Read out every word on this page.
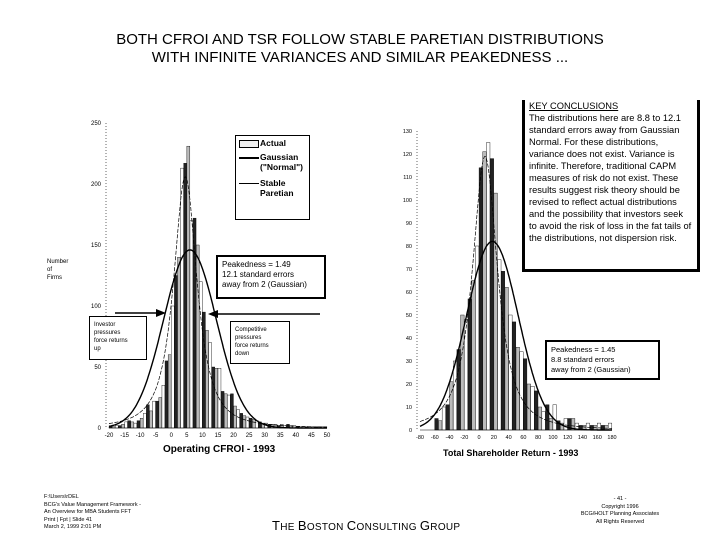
BOTH CFROI AND TSR FOLLOW STABLE PARETIAN DISTRIBUTIONS
WITH INFINITE VARIANCES AND SIMILAR PEAKEDNESS ...
0
50
100
150
200
250
-20 -15 -10 -5 0 5 10 15 20 25 30 35 40 45 50
0
10
20
30
40
50
60
70
80
90
100
110
120
130
-80 -60 -40 -20 0 20 40 60 80 100 120 140 160 180
Actual
Gaussian
("Normal")
Stable
Paretian
Number
of
Firms
Peakedness = 1.49
12.1 standard errors
away from 2 (Gaussian)
Investor
pressures
force returns
up
Competitive
pressures
force returns
down
KEY CONCLUSIONS
The distributions here are 8.8 to 12.1 standard errors away from Gaussian Normal. For these distributions, variance does not exist. Variance is infinite. Therefore, traditional CAPM measures of risk do not exist. These results suggest risk theory should be revised to reflect actual distributions and the possibility that investors seek to avoid the risk of loss in the fat tails of the distributions, not dispersion risk.
Peakedness = 1.45
8.8 standard errors
away from 2 (Gaussian)
Operating CFROI - 1993	Total Shareholder Return - 1993
F:\Users\rDEL
BCG's Value Management Framework -
An Overview for MBA Students FFT
Print | Fpt | Slide 41
March 2, 1999 2:01 PM	THE BOSTON CONSULTING GROUP
- 41 -
Copyright 1996
BCG/HOLT Planning Associates
All Rights Reserved
